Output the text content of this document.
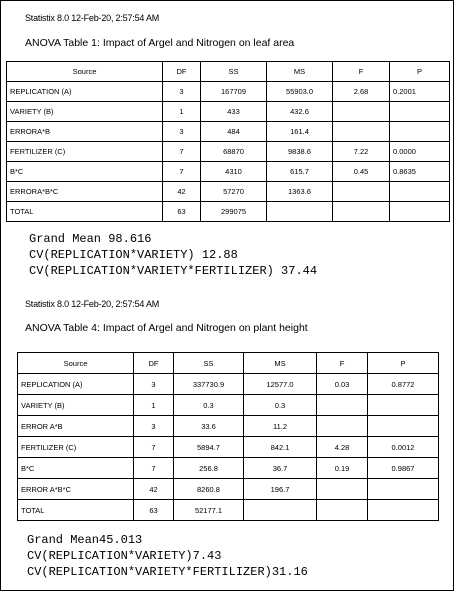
Statistix 8.0 12-Feb-20, 2:57:54 AM
ANOVA Table 1: Impact of Argel and Nitrogen on leaf area
Source	DF	SS	MS	F	P
REPLICATION (A)	3	167709	55903.0	2.68	0.2001
VARIETY (B)	1	433	432.6		
ERRORA*B	3	484	161.4		
FERTILIZER (C)	7	68870	9838.6	7.22	0.0000
B*C	7	4310	615.7	0.45	0.8635
ERRORA*B*C	42	57270	1363.6		
TOTAL	63	299075			
Grand Mean 98.616
CV(REPLICATION*VARIETY) 12.88
CV(REPLICATION*VARIETY*FERTILIZER) 37.44
Statistix 8.0 12-Feb-20, 2:57:54 AM
ANOVA Table 4: Impact of Argel and Nitrogen on plant height
Source	DF	SS	MS	F	P
REPLICATION (A)	3	337730.9	12577.0	0.03	0.8772
VARIETY (B)	1	0.3	0.3		
ERROR A*B	3	33.6	11.2		
FERTILIZER (C)	7	5894.7	842.1	4.28	0.0012
B*C	7	256.8	36.7	0.19	0.9867
ERROR A*B*C	42	8260.8	196.7		
TOTAL	63	52177.1			
Grand Mean45.013
CV(REPLICATION*VARIETY)7.43
CV(REPLICATION*VARIETY*FERTILIZER)31.16
